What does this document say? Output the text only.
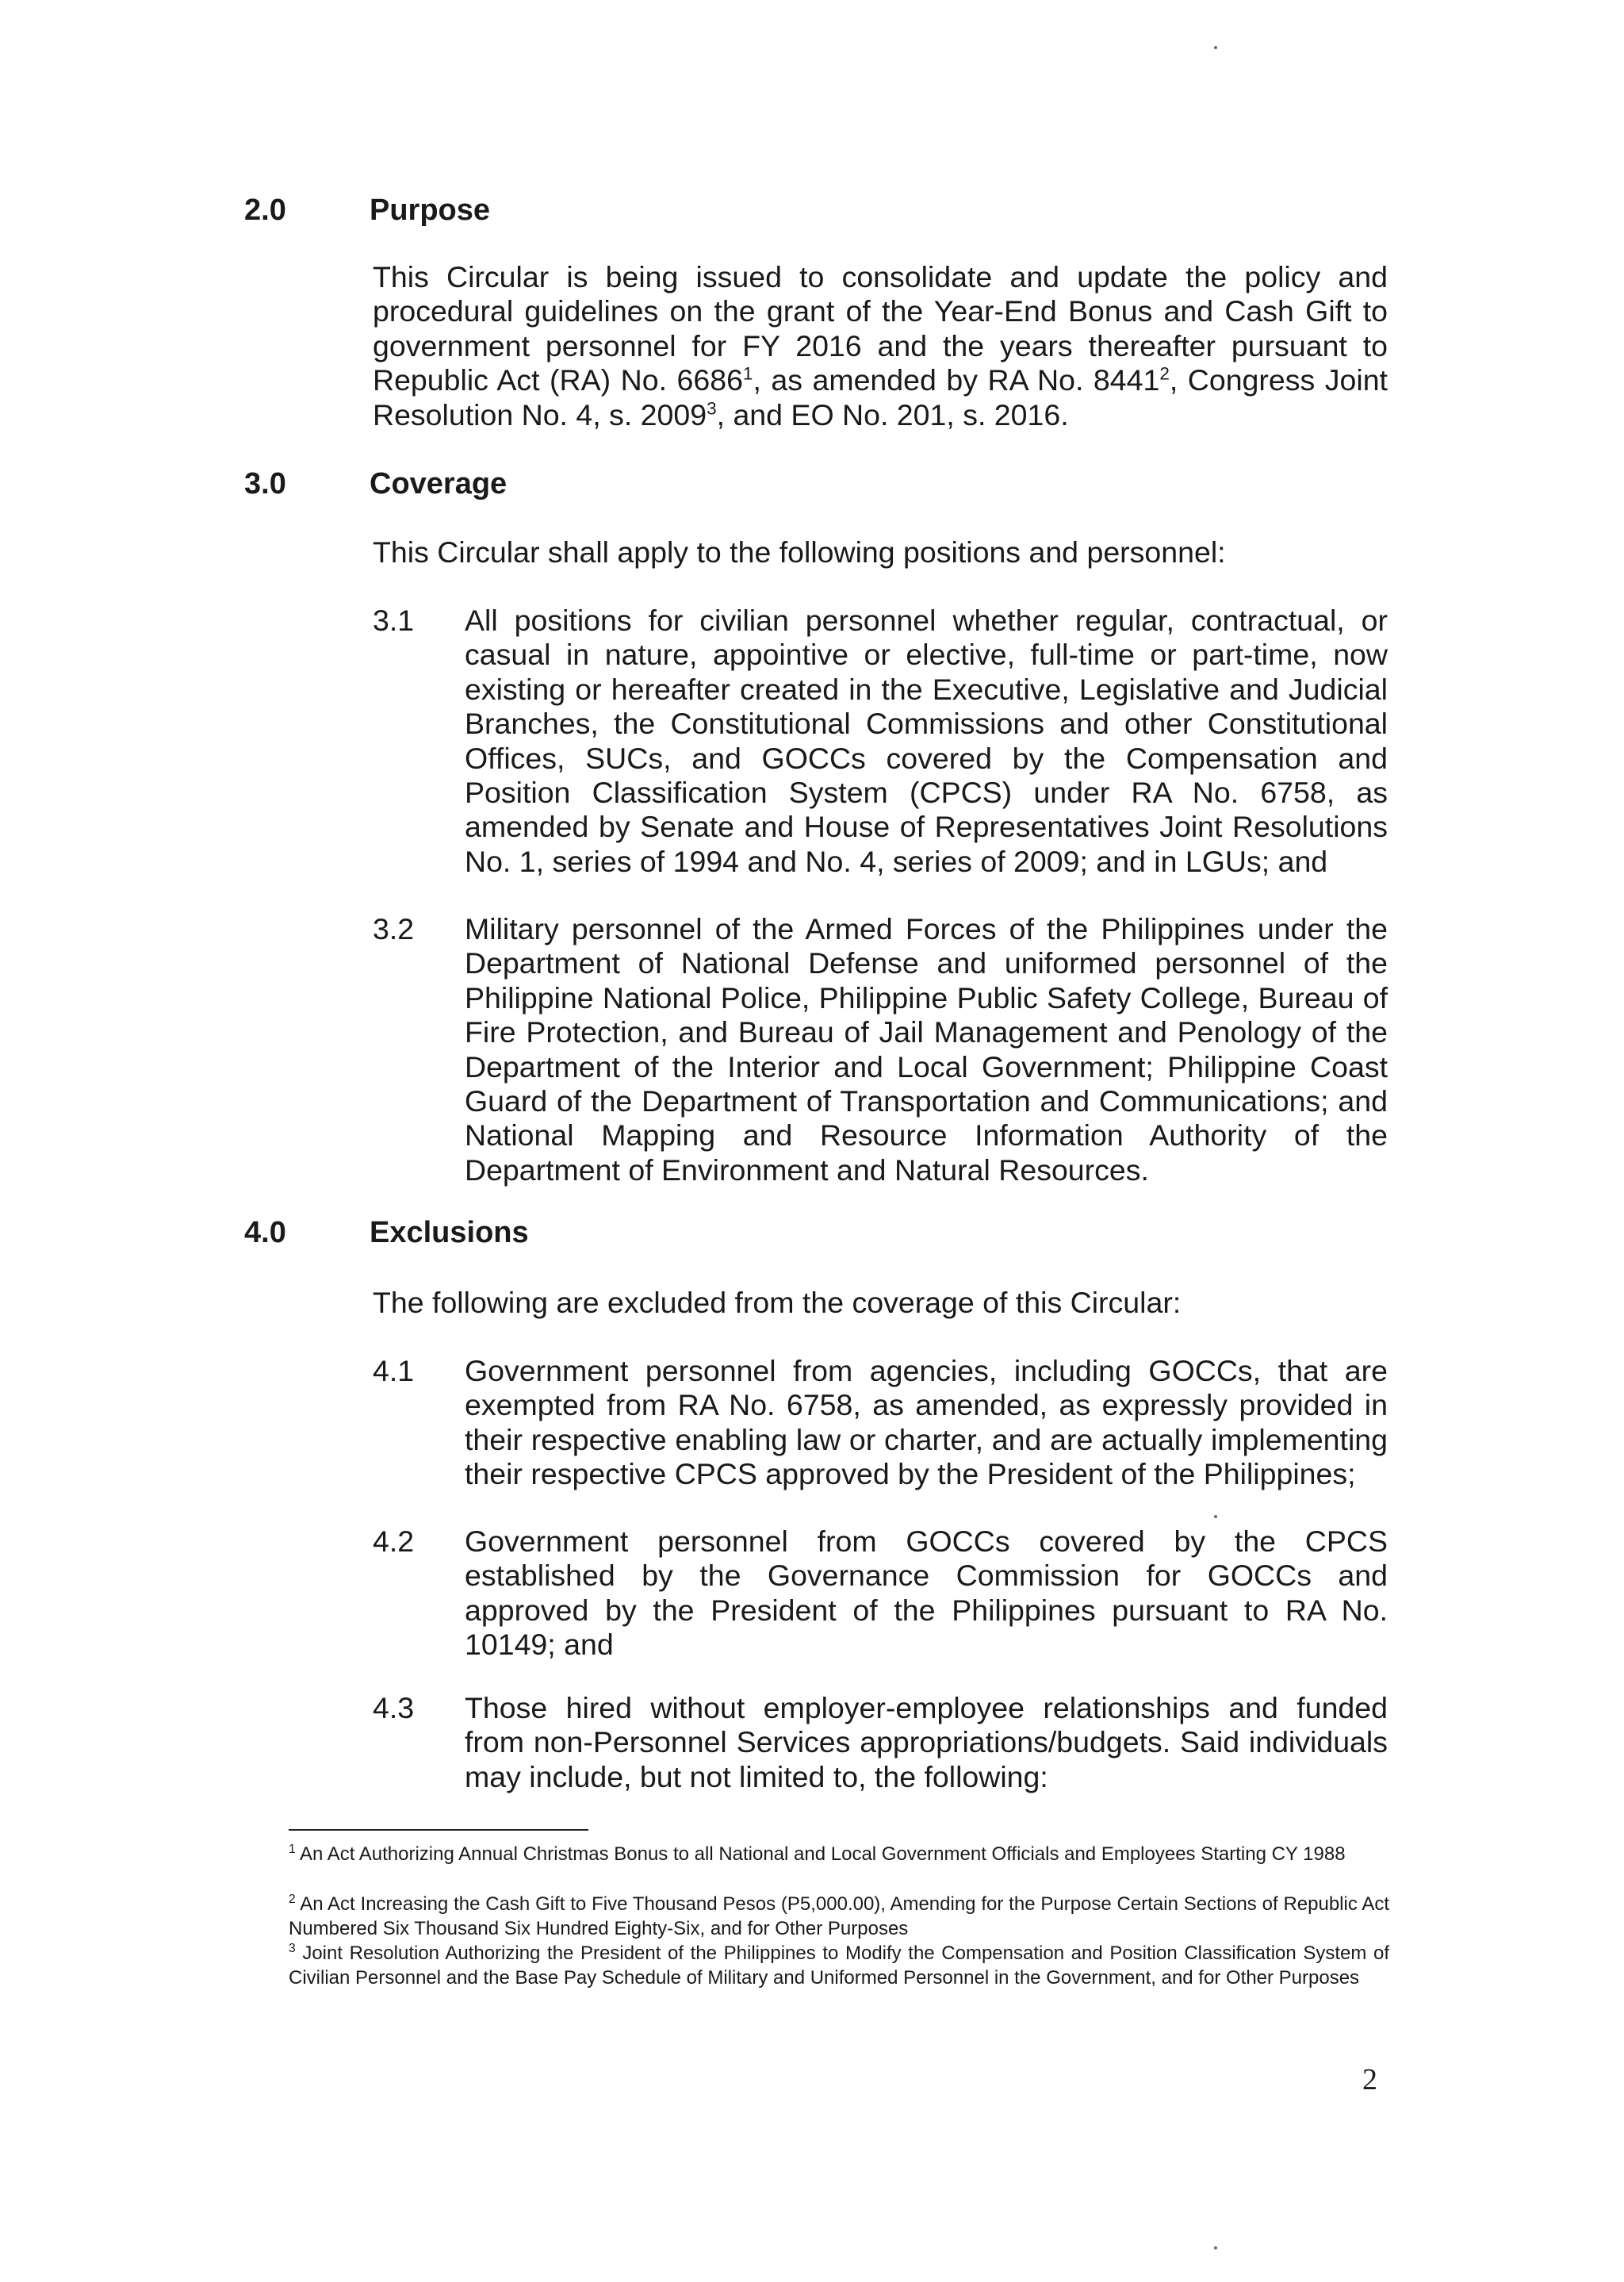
2.0	Purpose

This Circular is being issued to consolidate and update the policy and procedural guidelines on the grant of the Year-End Bonus and Cash Gift to government personnel for FY 2016 and the years thereafter pursuant to Republic Act (RA) No. 6686$^1$, as amended by RA No. 8441$^2$, Congress Joint Resolution No. 4, s. 2009$^3$, and EO No. 201, s. 2016.

3.0	Coverage

This Circular shall apply to the following positions and personnel:

3.1 All positions for civilian personnel whether regular, contractual, or casual in nature, appointive or elective, full-time or part-time, now existing or hereafter created in the Executive, Legislative and Judicial Branches, the Constitutional Commissions and other Constitutional Offices, SUCs, and GOCCs covered by the Compensation and Position Classification System (CPCS) under RA No. 6758, as amended by Senate and House of Representatives Joint Resolutions No. 1, series of 1994 and No. 4, series of 2009; and in LGUs; and

3.2 Military personnel of the Armed Forces of the Philippines under the Department of National Defense and uniformed personnel of the Philippine National Police, Philippine Public Safety College, Bureau of Fire Protection, and Bureau of Jail Management and Penology of the Department of the Interior and Local Government; Philippine Coast Guard of the Department of Transportation and Communications; and National Mapping and Resource Information Authority of the Department of Environment and Natural Resources.

4.0	Exclusions

The following are excluded from the coverage of this Circular:

4.1 Government personnel from agencies, including GOCCs, that are exempted from RA No. 6758, as amended, as expressly provided in their respective enabling law or charter, and are actually implementing their respective CPCS approved by the President of the Philippines;

4.2 Government personnel from GOCCs covered by the CPCS established by the Governance Commission for GOCCs and approved by the President of the Philippines pursuant to RA No. 10149; and

4.3 Those hired without employer-employee relationships and funded from non-Personnel Services appropriations/budgets. Said individuals may include, but not limited to, the following:

$^1$ An Act Authorizing Annual Christmas Bonus to all National and Local Government Officials and Employees Starting CY 1988

$^2$ An Act Increasing the Cash Gift to Five Thousand Pesos (P5,000.00), Amending for the Purpose Certain Sections of Republic Act Numbered Six Thousand Six Hundred Eighty-Six, and for Other Purposes

$^3$ Joint Resolution Authorizing the President of the Philippines to Modify the Compensation and Position Classification System of Civilian Personnel and the Base Pay Schedule of Military and Uniformed Personnel in the Government, and for Other Purposes

2
